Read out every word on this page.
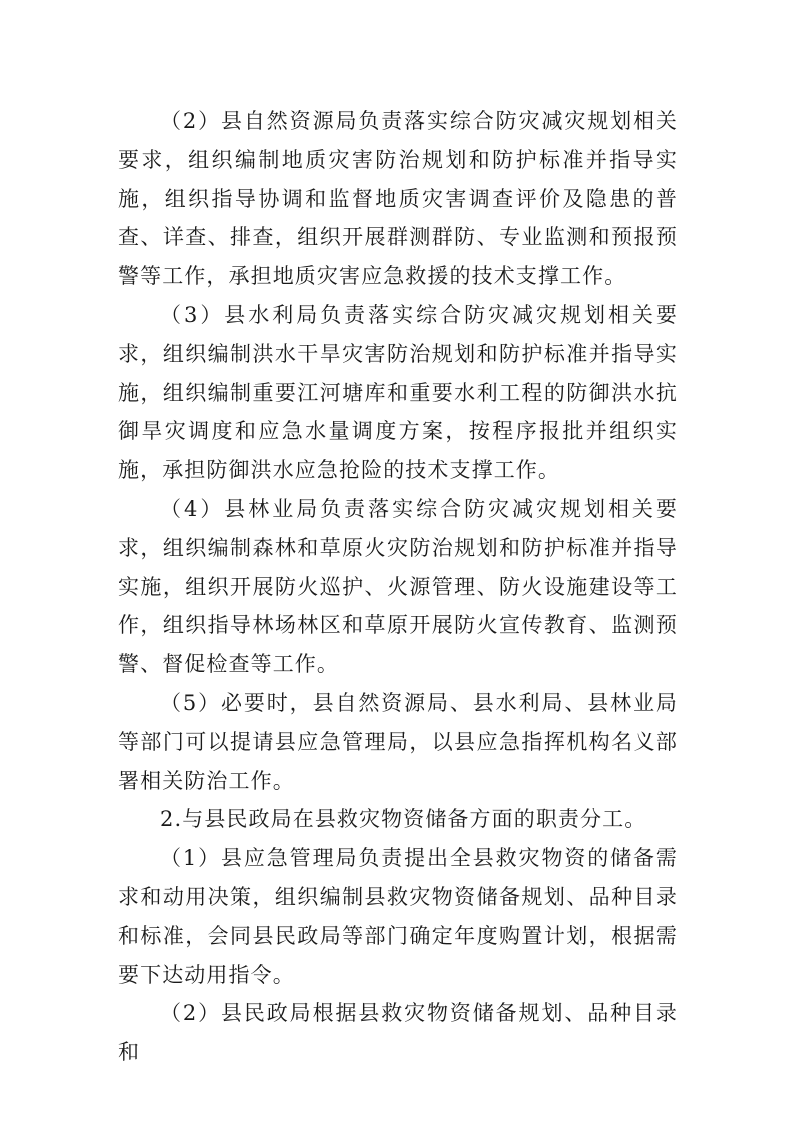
（2）县自然资源局负责落实综合防灾减灾规划相关要求，组织编制地质灾害防治规划和防护标准并指导实施，组织指导协调和监督地质灾害调查评价及隐患的普查、详查、排查，组织开展群测群防、专业监测和预报预警等工作，承担地质灾害应急救援的技术支撑工作。

（3）县水利局负责落实综合防灾减灾规划相关要求，组织编制洪水干旱灾害防治规划和防护标准并指导实施，组织编制重要江河塘库和重要水利工程的防御洪水抗御旱灾调度和应急水量调度方案，按程序报批并组织实施，承担防御洪水应急抢险的技术支撑工作。

（4）县林业局负责落实综合防灾减灾规划相关要求，组织编制森林和草原火灾防治规划和防护标准并指导实施，组织开展防火巡护、火源管理、防火设施建设等工作，组织指导林场林区和草原开展防火宣传教育、监测预警、督促检查等工作。

（5）必要时，县自然资源局、县水利局、县林业局等部门可以提请县应急管理局，以县应急指挥机构名义部署相关防治工作。

2.与县民政局在县救灾物资储备方面的职责分工。

（1）县应急管理局负责提出全县救灾物资的储备需求和动用决策，组织编制县救灾物资储备规划、品种目录和标准，会同县民政局等部门确定年度购置计划，根据需要下达动用指令。

（2）县民政局根据县救灾物资储备规划、品种目录和
